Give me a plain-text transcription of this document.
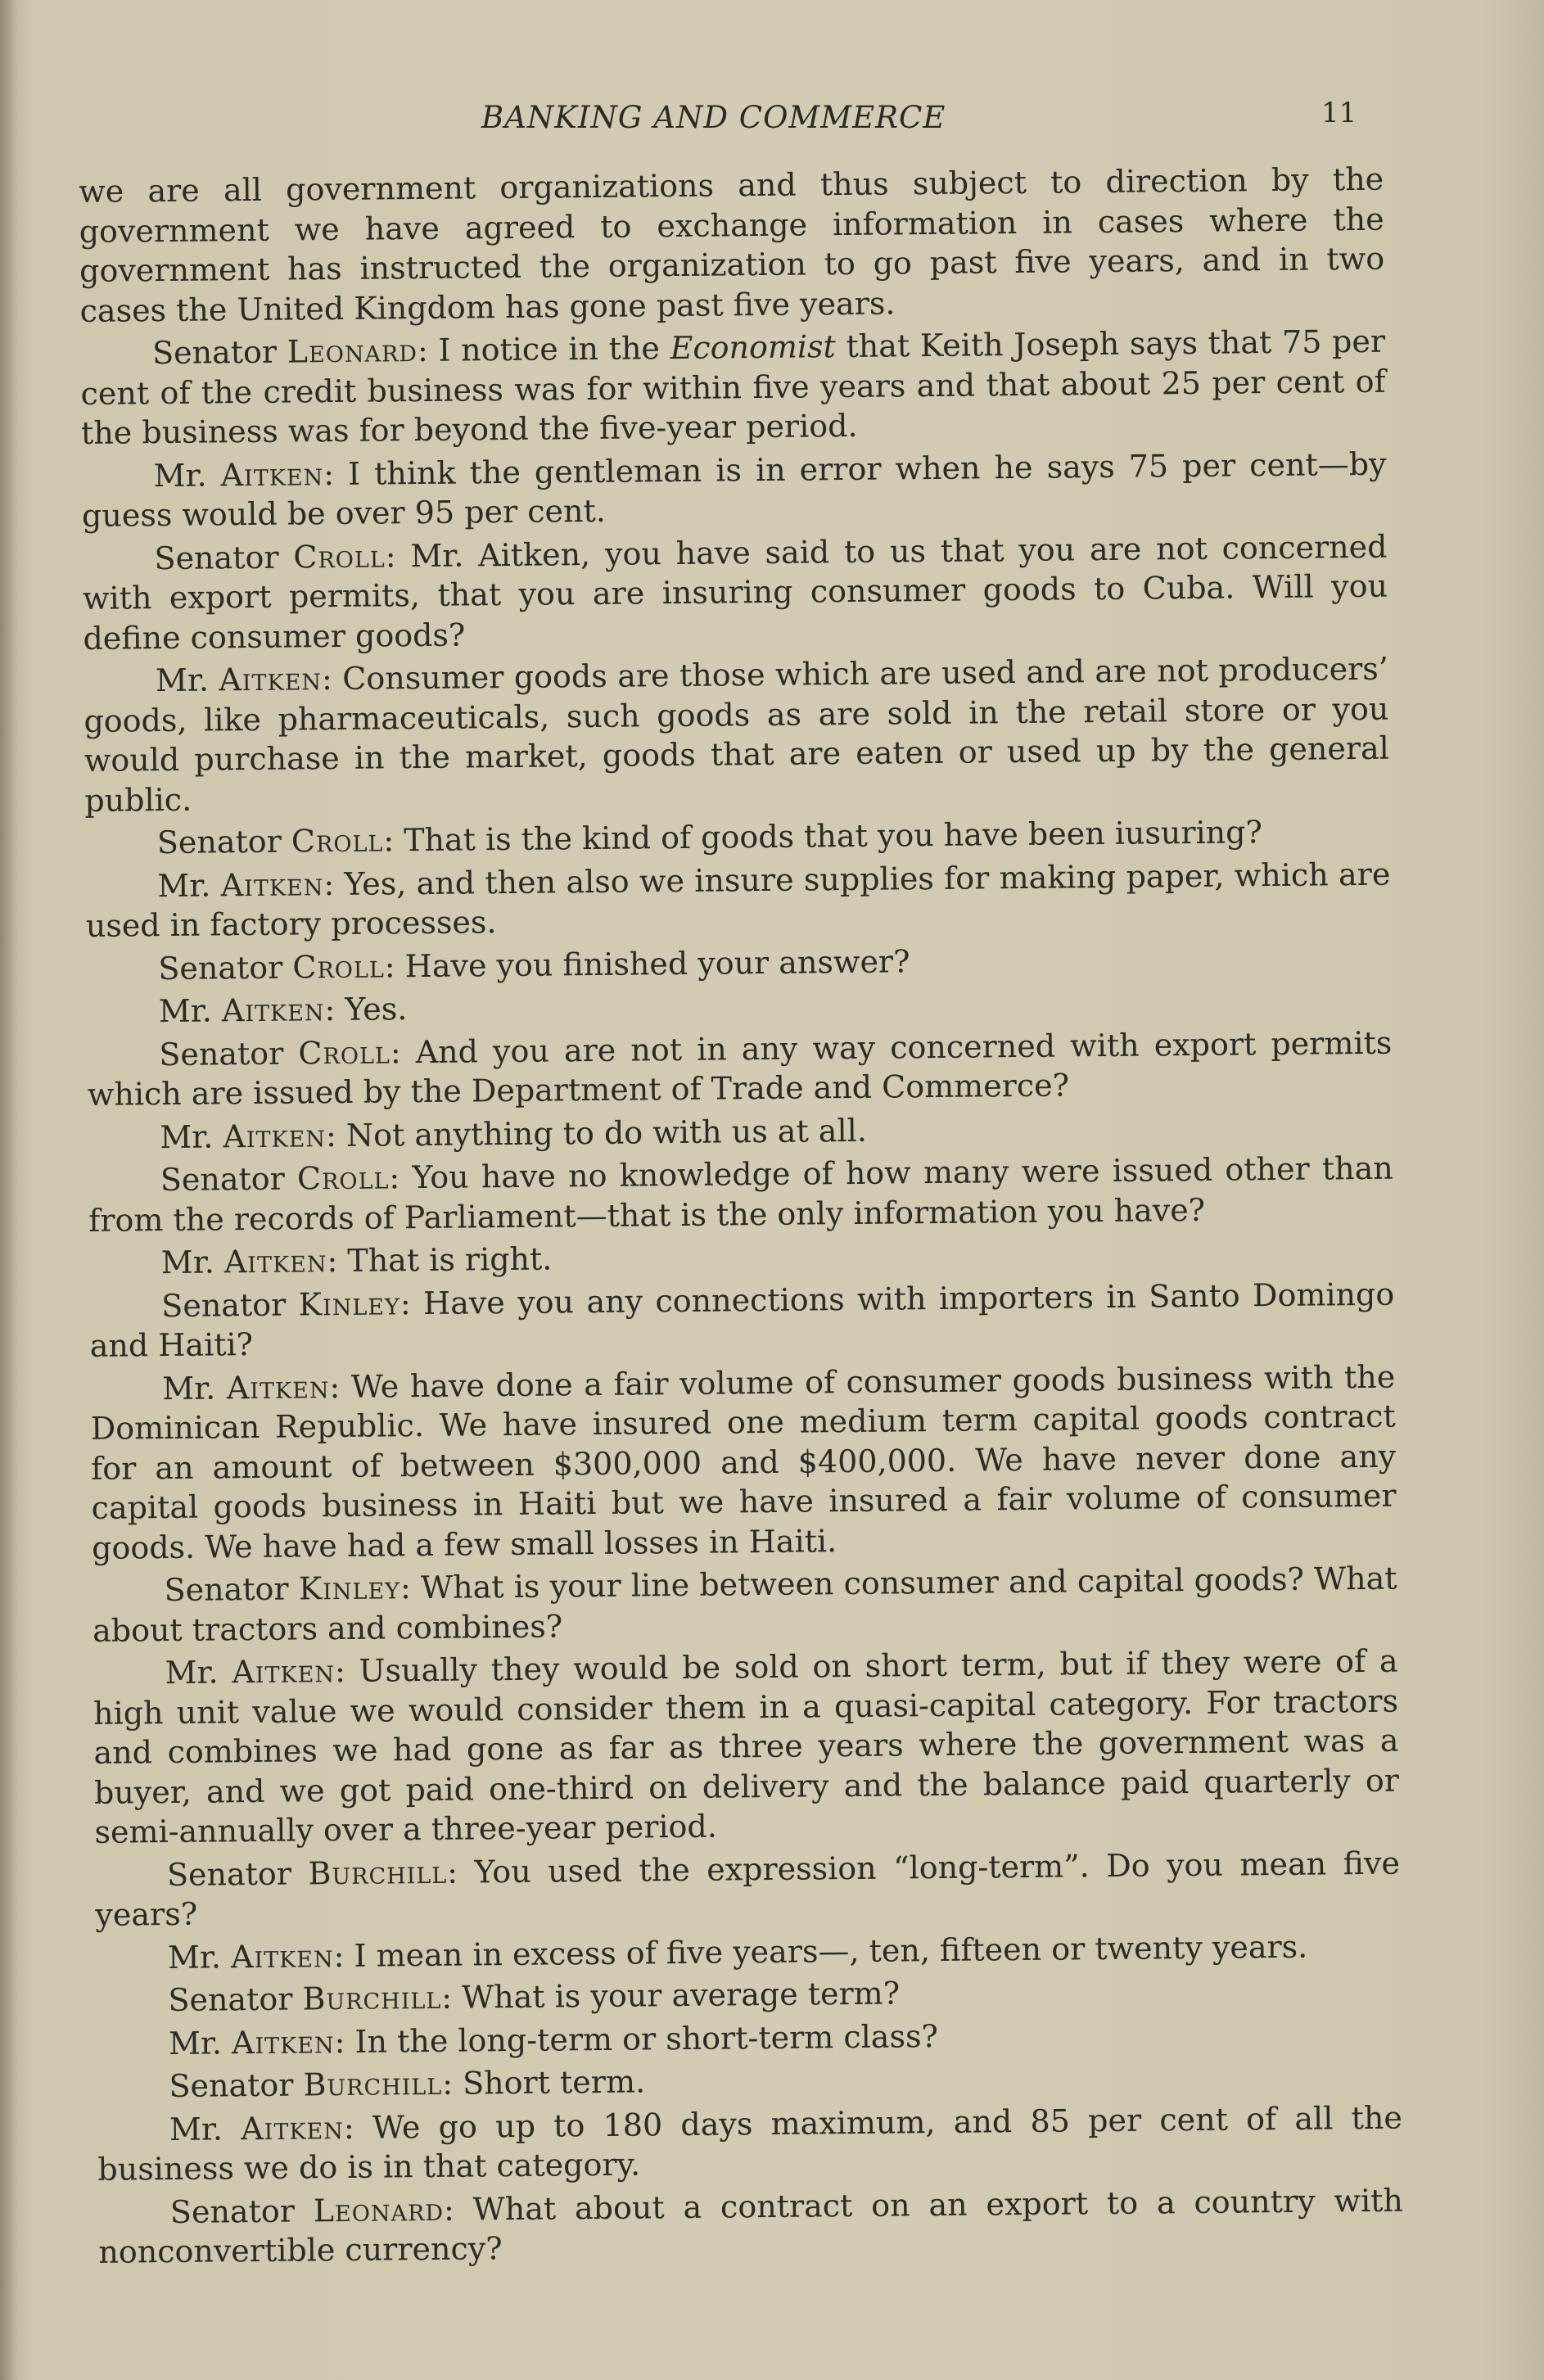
BANKING AND COMMERCE	11

we are all government organizations and thus subject to direction by the government we have agreed to exchange information in cases where the government has instructed the organization to go past five years, and in two cases the United Kingdom has gone past five years.

Senator Leonard: I notice in the Economist that Keith Joseph says that 75 per cent of the credit business was for within five years and that about 25 per cent of the business was for beyond the five-year period.

Mr. Aitken: I think the gentleman is in error when he says 75 per cent—by guess would be over 95 per cent.

Senator Croll: Mr. Aitken, you have said to us that you are not concerned with export permits, that you are insuring consumer goods to Cuba. Will you define consumer goods?

Mr. Aitken: Consumer goods are those which are used and are not producers’ goods, like pharmaceuticals, such goods as are sold in the retail store or you would purchase in the market, goods that are eaten or used up by the general public.

Senator Croll: That is the kind of goods that you have been iusuring?

Mr. Aitken: Yes, and then also we insure supplies for making paper, which are used in factory processes.

Senator Croll: Have you finished your answer?

Mr. Aitken: Yes.

Senator Croll: And you are not in any way concerned with export permits which are issued by the Department of Trade and Commerce?

Mr. Aitken: Not anything to do with us at all.

Senator Croll: You have no knowledge of how many were issued other than from the records of Parliament—that is the only information you have?

Mr. Aitken: That is right.

Senator Kinley: Have you any connections with importers in Santo Domingo and Haiti?

Mr. Aitken: We have done a fair volume of consumer goods business with the Dominican Republic. We have insured one medium term capital goods contract for an amount of between $300,000 and $400,000. We have never done any capital goods business in Haiti but we have insured a fair volume of consumer goods. We have had a few small losses in Haiti.

Senator Kinley: What is your line between consumer and capital goods? What about tractors and combines?

Mr. Aitken: Usually they would be sold on short term, but if they were of a high unit value we would consider them in a quasi-capital category. For tractors and combines we had gone as far as three years where the government was a buyer, and we got paid one-third on delivery and the balance paid quarterly or semi-annually over a three-year period.

Senator Burchill: You used the expression “long-term”. Do you mean five years?

Mr. Aitken: I mean in excess of five years—, ten, fifteen or twenty years.

Senator Burchill: What is your average term?

Mr. Aitken: In the long-term or short-term class?

Senator Burchill: Short term.

Mr. Aitken: We go up to 180 days maximum, and 85 per cent of all the business we do is in that category.

Senator Leonard: What about a contract on an export to a country with nonconvertible currency?
